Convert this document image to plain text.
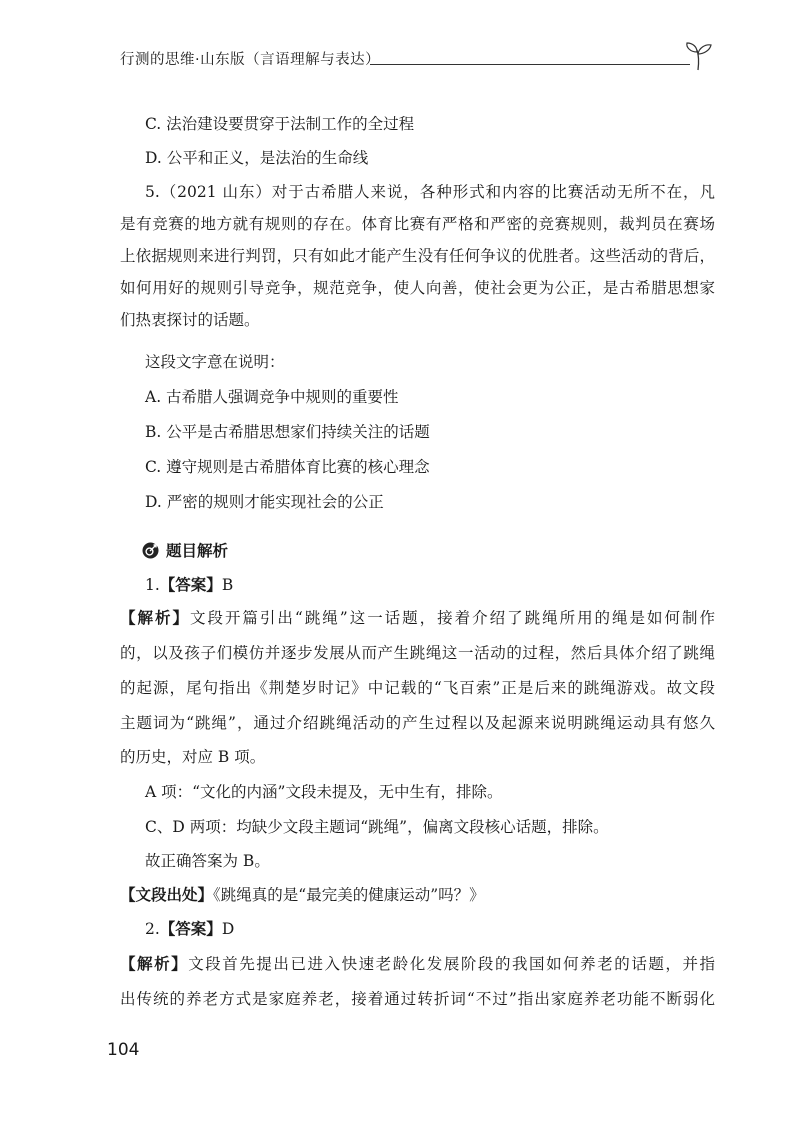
行测的思维·山东版（言语理解与表达）
C. 法治建设要贯穿于法制工作的全过程
D. 公平和正义，是法治的生命线
5.（2021 山东）对于古希腊人来说，各种形式和内容的比赛活动无所不在，凡
是有竞赛的地方就有规则的存在。体育比赛有严格和严密的竞赛规则，裁判员在赛场
上依据规则来进行判罚，只有如此才能产生没有任何争议的优胜者。这些活动的背后，
如何用好的规则引导竞争，规范竞争，使人向善，使社会更为公正，是古希腊思想家
们热衷探讨的话题。
这段文字意在说明：
A. 古希腊人强调竞争中规则的重要性
B. 公平是古希腊思想家们持续关注的话题
C. 遵守规则是古希腊体育比赛的核心理念
D. 严密的规则才能实现社会的公正
题目解析
1.【答案】B
【解析】文段开篇引出“跳绳”这一话题，接着介绍了跳绳所用的绳是如何制作
的，以及孩子们模仿并逐步发展从而产生跳绳这一活动的过程，然后具体介绍了跳绳
的起源，尾句指出《荆楚岁时记》中记载的“飞百索”正是后来的跳绳游戏。故文段
主题词为“跳绳”，通过介绍跳绳活动的产生过程以及起源来说明跳绳运动具有悠久
的历史，对应 B 项。
A 项：“文化的内涵”文段未提及，无中生有，排除。
C、D 两项：均缺少文段主题词“跳绳”，偏离文段核心话题，排除。
故正确答案为 B。
【文段出处】《跳绳真的是“最完美的健康运动”吗？》
2.【答案】D
【解析】文段首先提出已进入快速老龄化发展阶段的我国如何养老的话题，并指
出传统的养老方式是家庭养老，接着通过转折词“不过”指出家庭养老功能不断弱化
104
